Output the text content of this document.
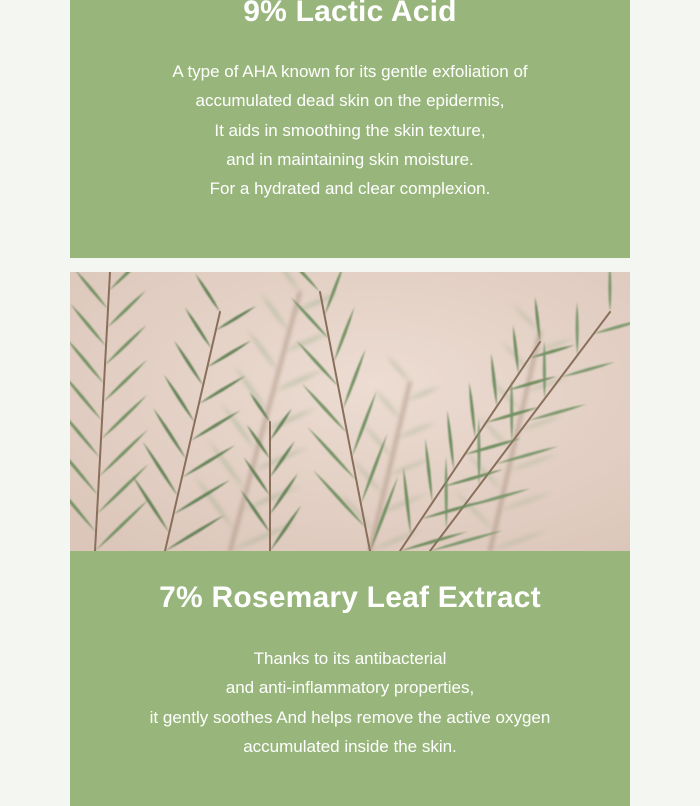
9% Lactic Acid
A type of AHA known for its gentle exfoliation of
accumulated dead skin on the epidermis,
It aids in smoothing the skin texture,
and in maintaining skin moisture.
For a hydrated and clear complexion.
7% Rosemary Leaf Extract
Thanks to its antibacterial
and anti-inflammatory properties,
it gently soothes And helps remove the active oxygen
accumulated inside the skin.
